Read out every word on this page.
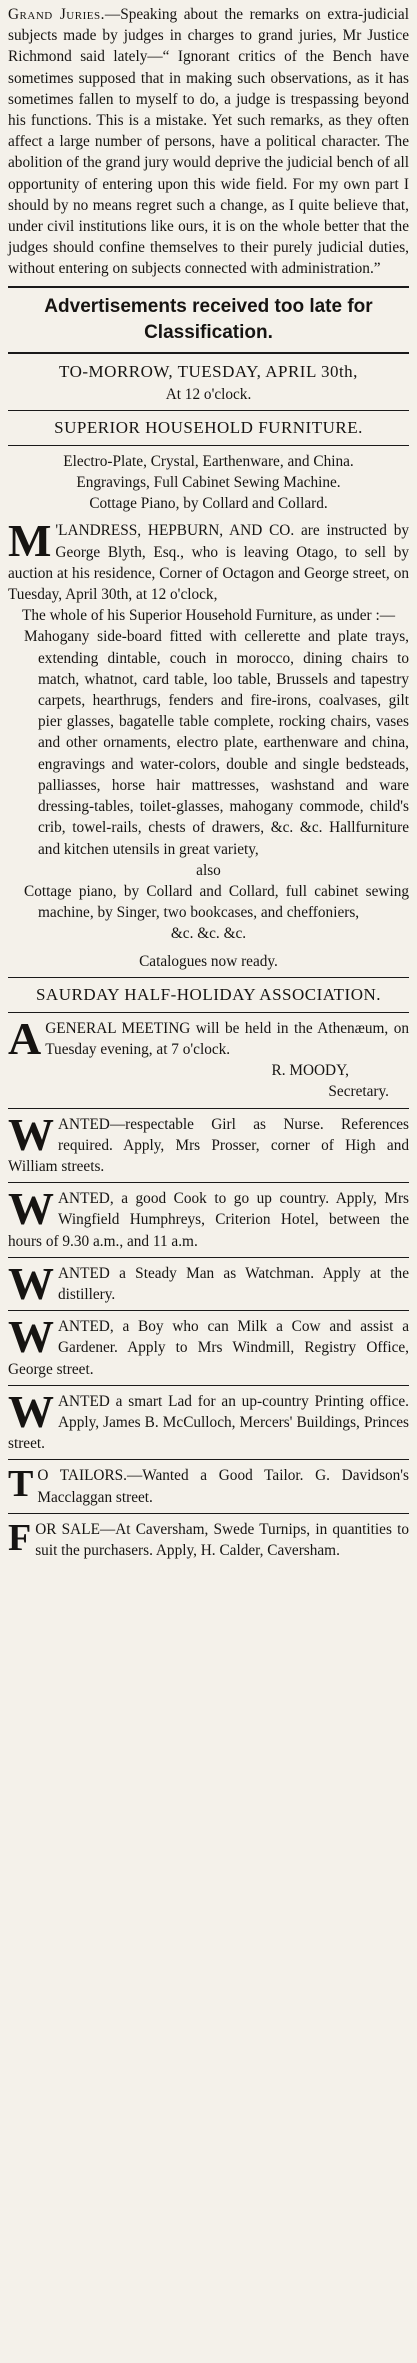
Grand Juries.—Speaking about the remarks on extra-judicial subjects made by judges in charges to grand juries, Mr Justice Richmond said lately—“ Ignorant critics of the Bench have sometimes supposed that in making such observations, as it has sometimes fallen to myself to do, a judge is trespassing beyond his functions. This is a mistake. Yet such remarks, as they often affect a large number of persons, have a political character. The abolition of the grand jury would deprive the judicial bench of all opportunity of entering upon this wide field. For my own part I should by no means regret such a change, as I quite believe that, under civil institutions like ours, it is on the whole better that the judges should confine themselves to their purely judicial duties, without entering on subjects connected with administration.”

Advertisements received too late for Classification.

TO-MORROW, TUESDAY, APRIL 30th,

At 12 o'clock.

SUPERIOR HOUSEHOLD FURNITURE.

Electro-Plate, Crystal, Earthenware, and China.

Engravings, Full Cabinet Sewing Machine.

Cottage Piano, by Collard and Collard.

M 'LANDRESS, HEPBURN, AND CO. are instructed by George Blyth, Esq., who is leaving Otago, to sell by auction at his residence, Corner of Octagon and George street, on Tuesday, April 30th, at 12 o'clock,

The whole of his Superior Household Furniture, as under :—

Mahogany side-board fitted with cellerette and plate trays, extending dintable, couch in morocco, dining chairs to match, whatnot, card table, loo table, Brussels and tapestry carpets, hearthrugs, fenders and fire-irons, coalvases, gilt pier glasses, bagatelle table complete, rocking chairs, vases and other ornaments, electro plate, earthenware and china, engravings and water-colors, double and single bedsteads, palliasses, horse hair mattresses, washstand and ware dressing-tables, toilet-glasses, mahogany commode, child's crib, towel-rails, chests of drawers, &c. &c. Hallfurniture and kitchen utensils in great variety,

also

Cottage piano, by Collard and Collard, full cabinet sewing machine, by Singer, two bookcases, and cheffoniers,

&c. &c. &c.

Catalogues now ready.

SAURDAY HALF-HOLIDAY ASSOCIATION.

AGENERAL MEETING will be held in the Athenæum, on Tuesday evening, at 7 o'clock.

R. MOODY,

Secretary.

WANTED—respectable Girl as Nurse. References required. Apply, Mrs Prosser, corner of High and William streets.

WANTED, a good Cook to go up country. Apply, Mrs Wingfield Humphreys, Criterion Hotel, between the hours of 9.30 a.m., and 11 a.m.

WANTED a Steady Man as Watchman. Apply at the distillery.

WANTED, a Boy who can Milk a Cow and assist a Gardener. Apply to Mrs Windmill, Registry Office, George street.

WANTED a smart Lad for an up-country Printing office. Apply, James B. McCulloch, Mercers' Buildings, Princes street.

T O TAILORS.—Wanted a Good Tailor. G. Davidson's Macclaggan street.

FOR SALE—At Caversham, Swede Turnips, in quantities to suit the purchasers. Apply, H. Calder, Caversham.
